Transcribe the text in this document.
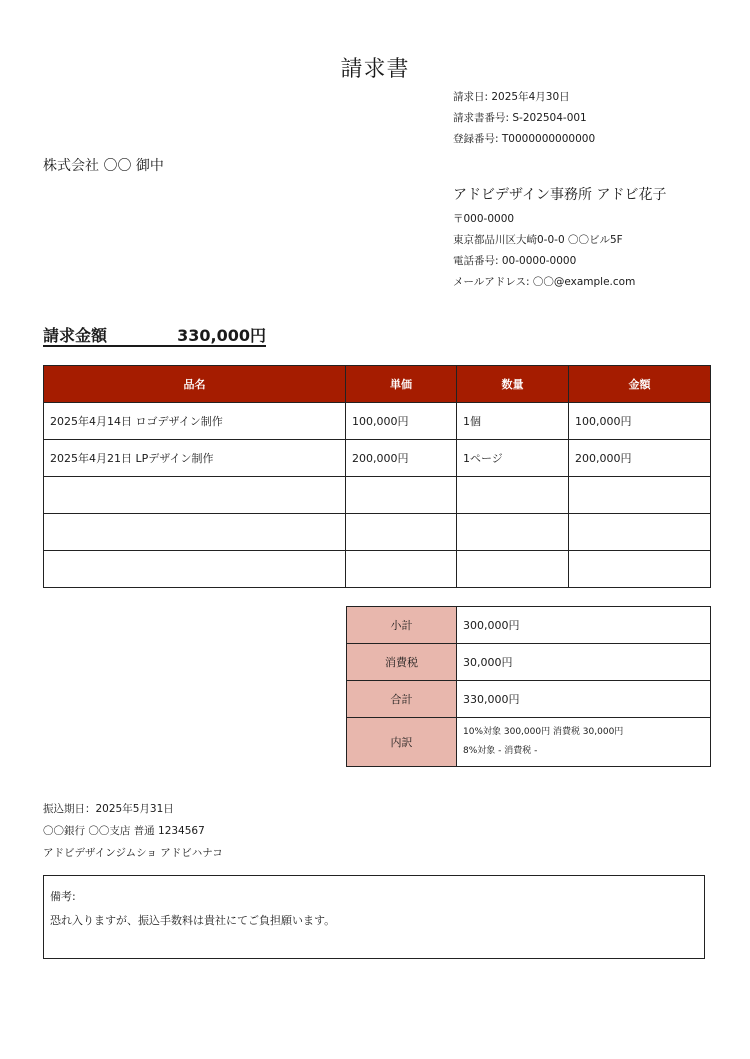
請求書
請求日: 2025年4月30日
請求書番号: S-202504-001
登録番号: T0000000000000
株式会社 〇〇 御中
アドビデザイン事務所 アドビ花子
〒000-0000
東京都品川区大崎0-0-0 〇〇ビル5F
電話番号: 00-0000-0000
メールアドレス: 〇〇@example.com
請求金額	330,000円
品名	単価	数量	金額
2025年4月14日 ロゴデザイン制作	100,000円	1個	100,000円
2025年4月21日 LPデザイン制作	200,000円	1ページ	200,000円

小計	300,000円
消費税	30,000円
合計	330,000円
内訳	10%対象 300,000円 消費税 30,000円
8%対象 - 消費税 -
振込期日：2025年5月31日
〇〇銀行 〇〇支店 普通 1234567
アドビデザインジムショ アドビハナコ
備考:
恐れ入りますが、振込手数料は貴社にてご負担願います。
